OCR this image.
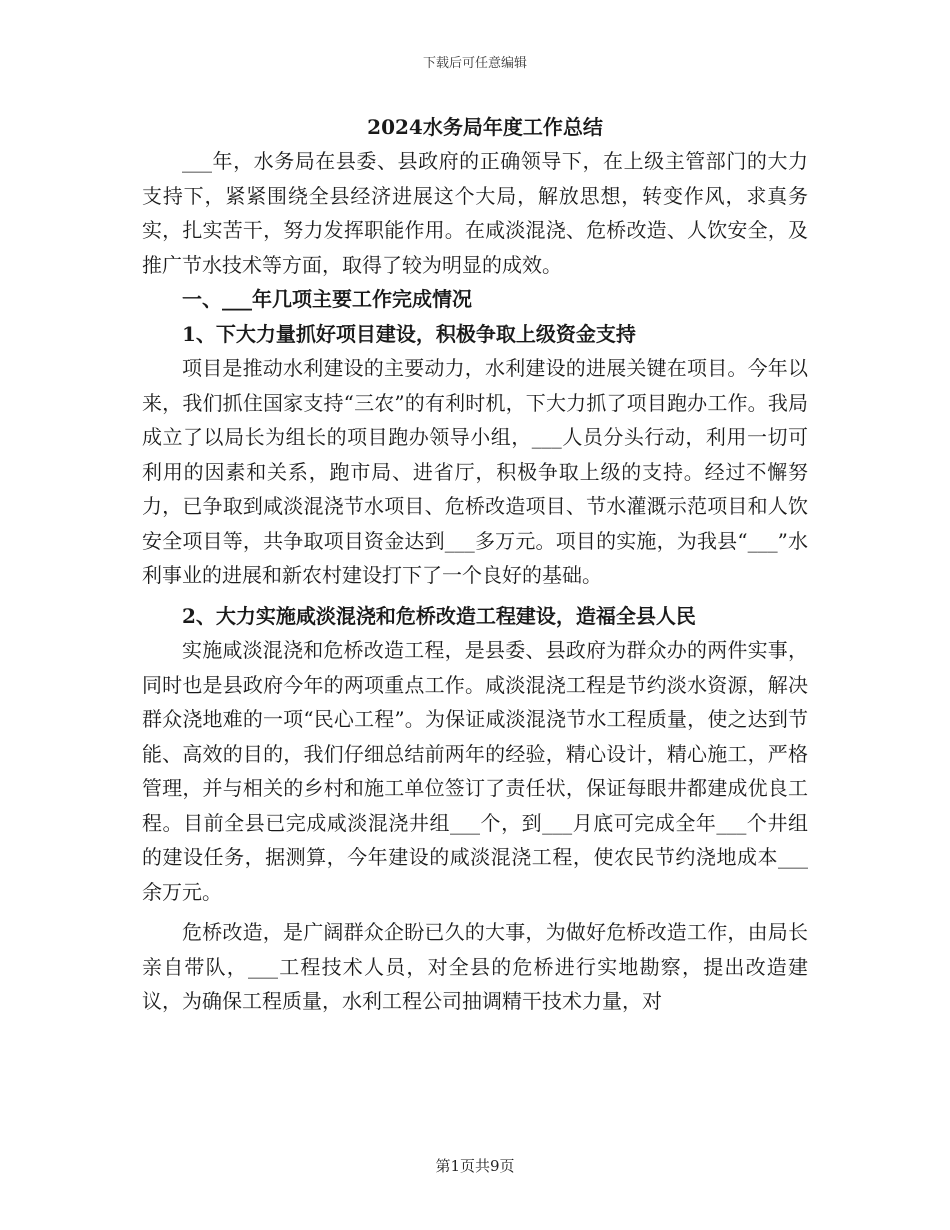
下载后可任意编辑
2024水务局年度工作总结

___年，水务局在县委、县政府的正确领导下，在上级主管部门的大力支持下，紧紧围绕全县经济进展这个大局，解放思想，转变作风，求真务实，扎实苦干，努力发挥职能作用。在咸淡混浇、危桥改造、人饮安全，及推广节水技术等方面，取得了较为明显的成效。

一、___年几项主要工作完成情况

1、下大力量抓好项目建设，积极争取上级资金支持

项目是推动水利建设的主要动力，水利建设的进展关键在项目。今年以来，我们抓住国家支持“三农”的有利时机，下大力抓了项目跑办工作。我局成立了以局长为组长的项目跑办领导小组，___人员分头行动，利用一切可利用的因素和关系，跑市局、进省厅，积极争取上级的支持。经过不懈努力，已争取到咸淡混浇节水项目、危桥改造项目、节水灌溉示范项目和人饮安全项目等，共争取项目资金达到___多万元。项目的实施，为我县“___”水利事业的进展和新农村建设打下了一个良好的基础。

2、大力实施咸淡混浇和危桥改造工程建设，造福全县人民

实施咸淡混浇和危桥改造工程，是县委、县政府为群众办的两件实事，同时也是县政府今年的两项重点工作。咸淡混浇工程是节约淡水资源，解决群众浇地难的一项“民心工程”。为保证咸淡混浇节水工程质量，使之达到节能、高效的目的，我们仔细总结前两年的经验，精心设计，精心施工，严格管理，并与相关的乡村和施工单位签订了责任状，保证每眼井都建成优良工程。目前全县已完成咸淡混浇井组___个，到___月底可完成全年___个井组的建设任务，据测算，今年建设的咸淡混浇工程，使农民节约浇地成本___余万元。

危桥改造，是广阔群众企盼已久的大事，为做好危桥改造工作，由局长亲自带队，___工程技术人员，对全县的危桥进行实地勘察，提出改造建议，为确保工程质量，水利工程公司抽调精干技术力量，对

第1页共9页
